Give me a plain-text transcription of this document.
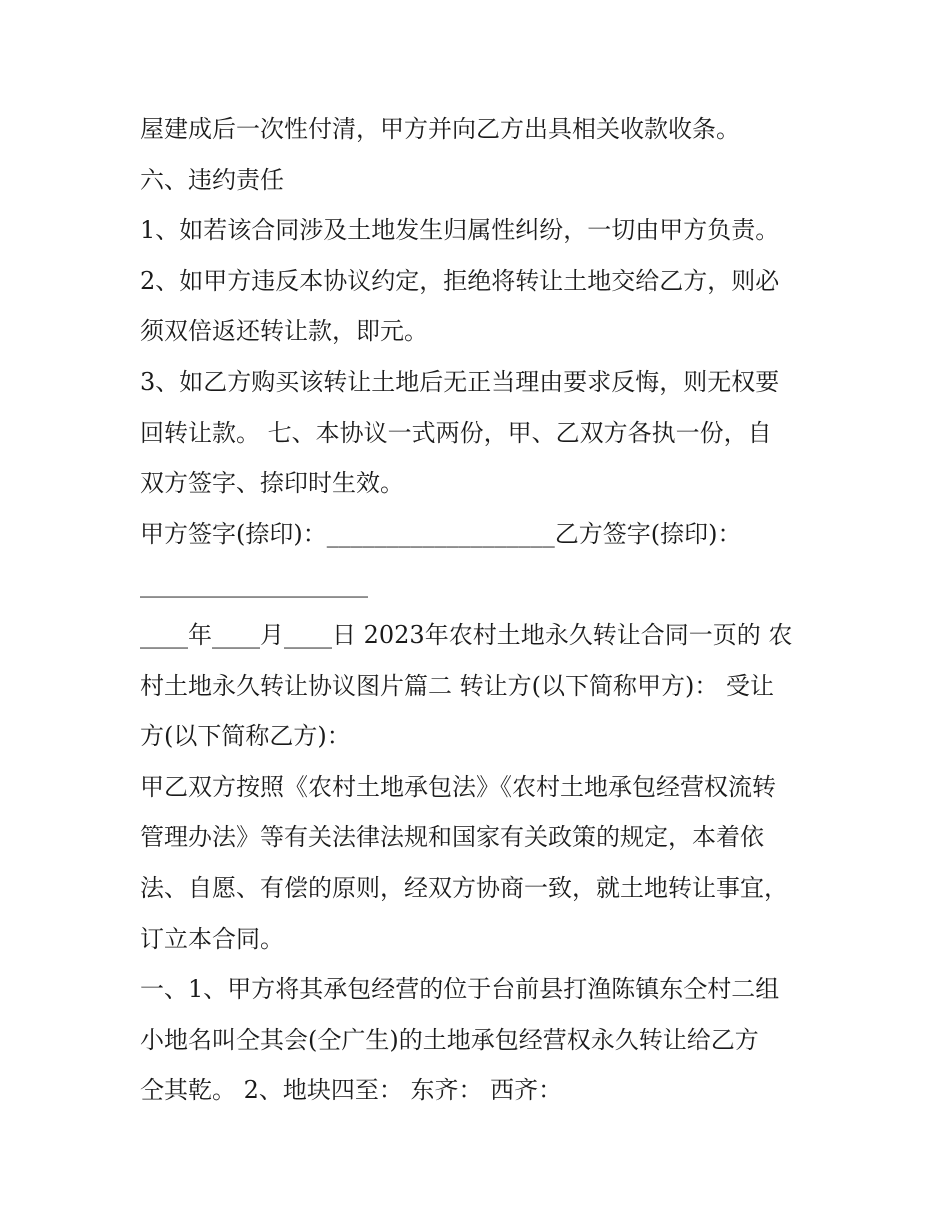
屋建成后一次性付清，甲方并向乙方出具相关收款收条。
六、违约责任
1、如若该合同涉及土地发生归属性纠纷，一切由甲方负责。
2、如甲方违反本协议约定，拒绝将转让土地交给乙方，则必
须双倍返还转让款，即元。
3、如乙方购买该转让土地后无正当理由要求反悔，则无权要
回转让款。 七、本协议一式两份，甲、乙双方各执一份，自
双方签字、捺印时生效。
甲方签字(捺印)：___________________乙方签字(捺印)：
___________________
____年____月____日 2023年农村土地永久转让合同一页的 农
村土地永久转让协议图片篇二 转让方(以下简称甲方)： 受让
方(以下简称乙方)：
甲乙双方按照《农村土地承包法》《农村土地承包经营权流转
管理办法》等有关法律法规和国家有关政策的规定，本着依
法、自愿、有偿的原则，经双方协商一致，就土地转让事宜，
订立本合同。
一、1、甲方将其承包经营的位于台前县打渔陈镇东仝村二组
小地名叫仝其会(仝广生)的土地承包经营权永久转让给乙方
仝其乾。 2、地块四至： 东齐： 西齐：
